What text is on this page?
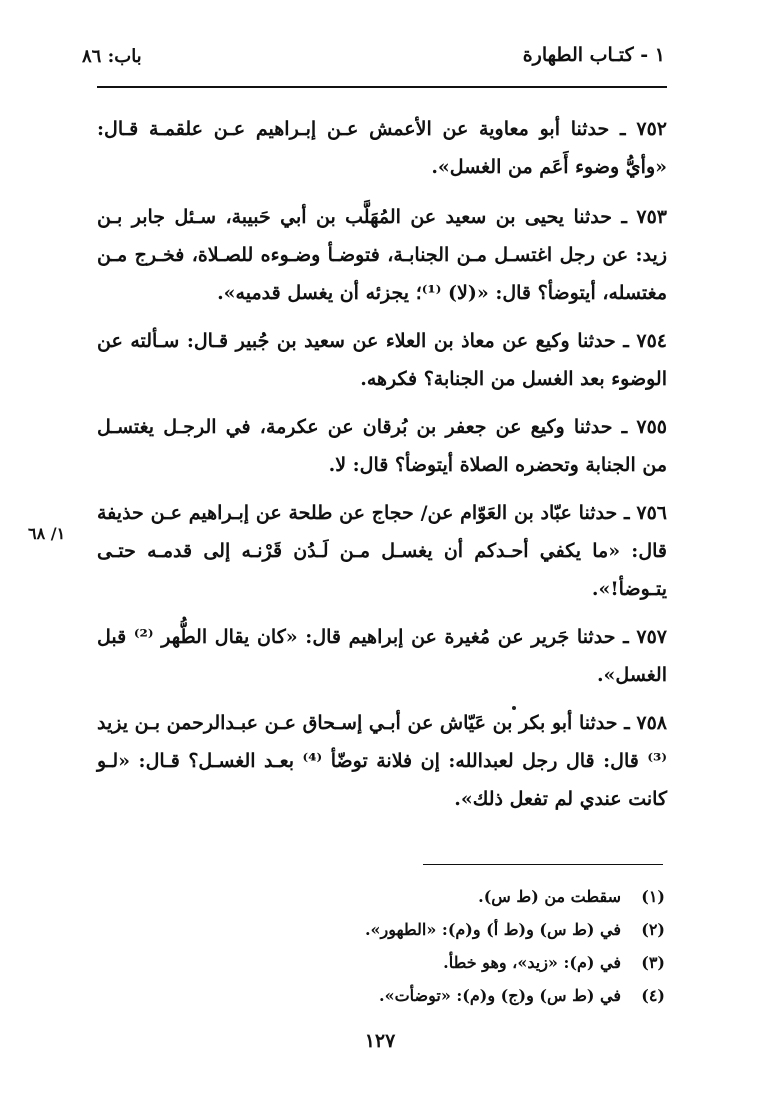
١ - كتـاب الطهارة
باب: ٨٦

٧٥٢ ـ حدثنا أبو معاوية عن الأعمش عـن إبـراهيم عـن علقمـة قـال: «وأيُّ وضوء أَعَم من الغسل».

٧٥٣ ـ حدثنا يحيى بن سعيد عن المُهَلَّب بن أبي حَبيبة، سـئل جابر بـن زيد: عن رجل اغتسـل مـن الجنابـة، فتوضـأ وضـوءه للصـلاة، فخـرج مـن مغتسله، أيتوضأ؟ قال: «(لا) ⁽¹⁾؛ يجزئه أن يغسل قدميه».

٧٥٤ ـ حدثنا وكيع عن معاذ بن العلاء عن سعيد بن جُبير قـال: سـألته عن الوضوء بعد الغسل من الجنابة؟ فكرهه.

٧٥٥ ـ حدثنا وكيع عن جعفر بن بُرقان عن عكرمة، في الرجـل يغتسـل من الجنابة وتحضره الصلاة أيتوضأ؟ قال: لا.

٧٥٦ ـ حدثنا عبّاد بن العَوّام عن/ حجاج عن طلحة عن إبـراهيم عـن حذيفة قال: «ما يكفي أحـدكم أن يغسـل مـن لَـدُن قَرْنـه إلى قدمـه حتـى يتـوضأ!».

٧٥٧ ـ حدثنا جَرير عن مُغيرة عن إبراهيم قال: «كان يقال الطُّهر ⁽²⁾ قبل الغسل».

٧٥٨ ـ حدثنا أبو بكر بن عَيّاش عن أبـي إسـحاق عـن عبـدالرحمن بـن يزيد ⁽³⁾ قال: قال رجل لعبدالله: إن فلانة توضّأ ⁽⁴⁾ بعـد الغسـل؟ قـال: «لـو كانت عندي لم تفعل ذلك».

١/ ٦٨
(١)
سقطت من (ط س).
(٢)
في (ط س) و(ط أ) و(م): «الطهور».
(٣)
في (م): «زيد»، وهو خطأ.
(٤)
في (ط س) و(ج) و(م): «توضأت».
١٢٧
